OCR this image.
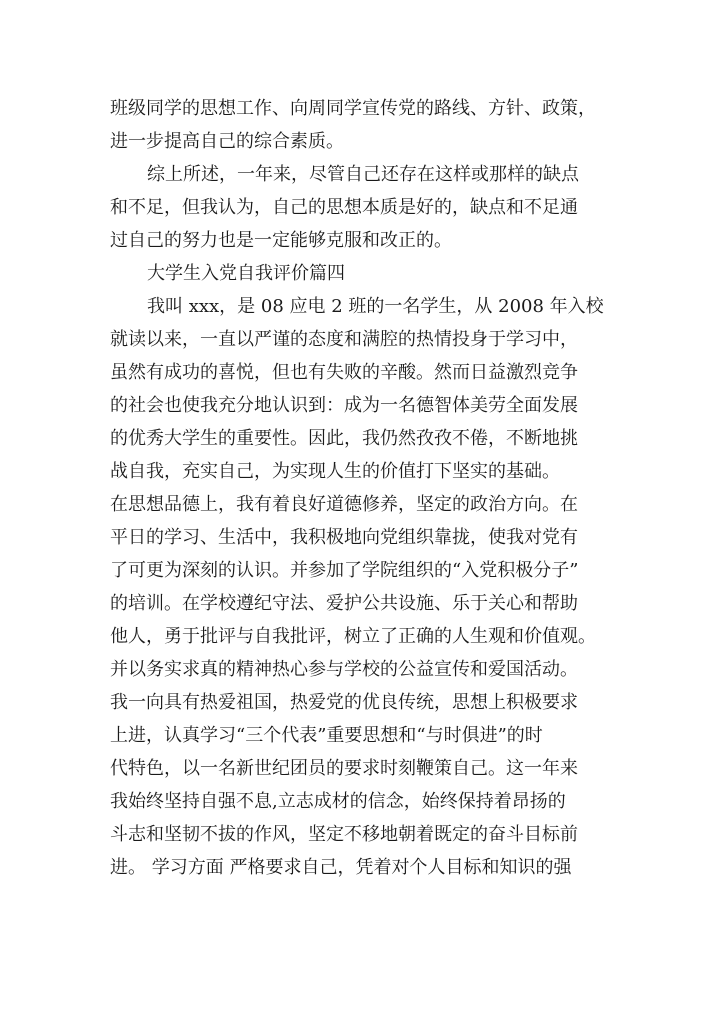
班级同学的思想工作、向周同学宣传党的路线、方针、政策，
进一步提高自己的综合素质。
综上所述，一年来，尽管自己还存在这样或那样的缺点
和不足，但我认为，自己的思想本质是好的，缺点和不足通
过自己的努力也是一定能够克服和改正的。
大学生入党自我评价篇四
我叫 xxx，是 08 应电 2 班的一名学生，从 2008 年入校
就读以来，一直以严谨的态度和满腔的热情投身于学习中，
虽然有成功的喜悦，但也有失败的辛酸。然而日益激烈竞争
的社会也使我充分地认识到：成为一名德智体美劳全面发展
的优秀大学生的重要性。因此，我仍然孜孜不倦，不断地挑
战自我，充实自己，为实现人生的价值打下坚实的基础。
在思想品德上，我有着良好道德修养，坚定的政治方向。在
平日的学习、生活中，我积极地向党组织靠拢，使我对党有
了可更为深刻的认识。并参加了学院组织的“入党积极分子”
的培训。在学校遵纪守法、爱护公共设施、乐于关心和帮助
他人，勇于批评与自我批评，树立了正确的人生观和价值观。
并以务实求真的精神热心参与学校的公益宣传和爱国活动。
我一向具有热爱祖国，热爱党的优良传统，思想上积极要求
上进，认真学习“三个代表”重要思想和“与时俱进”的时
代特色，以一名新世纪团员的要求时刻鞭策自己。这一年来
我始终坚持自强不息,立志成材的信念，始终保持着昂扬的
斗志和坚韧不拔的作风，坚定不移地朝着既定的奋斗目标前
进。 学习方面 严格要求自己，凭着对个人目标和知识的强
